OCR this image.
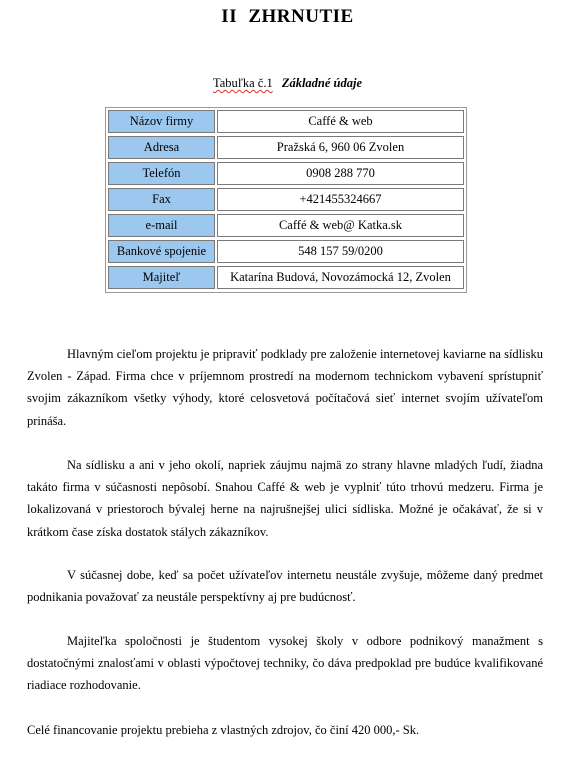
II ZHRNUTIE
Tabuľka č.1 Základné údaje
Názov firmy	Caffé & web
Adresa	Pražská 6, 960 06 Zvolen
Telefón	0908 288 770
Fax	+421455324667
e-mail	Caffé & web@ Katka.sk
Bankové spojenie	548 157 59/0200
Majiteľ	Katarína Budová, Novozámocká 12, Zvolen

Hlavným cieľom projektu je pripraviť podklady pre založenie internetovej kaviarne na sídlisku Zvolen - Západ. Firma chce v príjemnom prostredí na modernom technickom vybavení sprístupniť svojim zákazníkom všetky výhody, ktoré celosvetová počítačová sieť internet svojím užívateľom prináša.

Na sídlisku a ani v jeho okolí, napriek záujmu najmä zo strany hlavne mladých ľudí, žiadna takáto firma v súčasnosti nepôsobí. Snahou Caffé & web je vyplniť túto trhovú medzeru. Firma je lokalizovaná v priestoroch bývalej herne na najrušnejšej ulici sídliska. Možné je očakávať, že si v krátkom čase získa dostatok stálych zákazníkov.

V súčasnej dobe, keď sa počet užívateľov internetu neustále zvyšuje, môžeme daný predmet podnikania považovať za neustále perspektívny aj pre budúcnosť.

Majiteľka spoločnosti je študentom vysokej školy v odbore podnikový manažment s dostatočnými znalosťami v oblasti výpočtovej techniky, čo dáva predpoklad pre budúce kvalifikované riadiace rozhodovanie.

Celé financovanie projektu prebieha z vlastných zdrojov, čo činí 420 000,- Sk.
